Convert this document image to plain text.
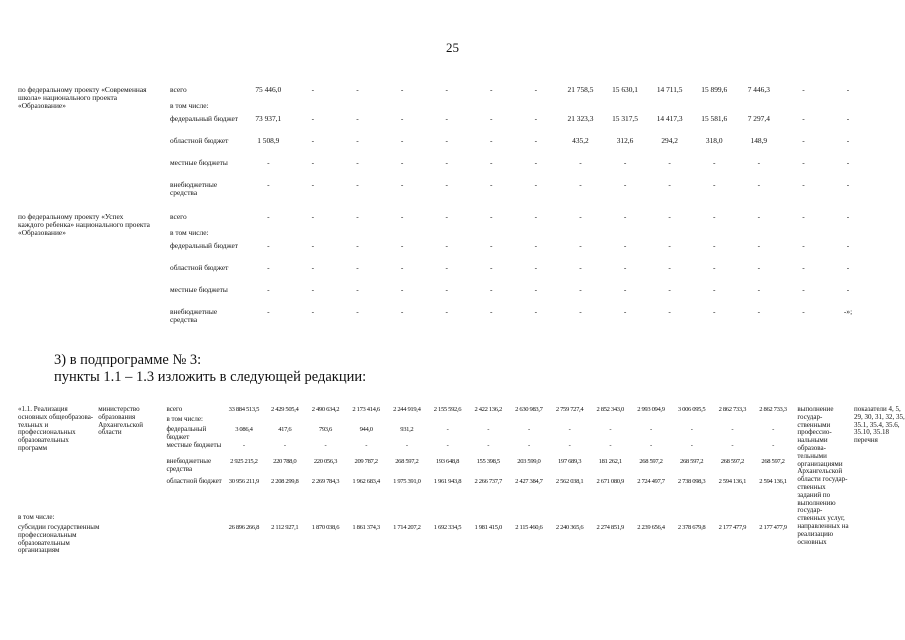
25
по федеральному проекту «Современная школа» национального проекта «Образование»	всего	75 446,0	-	-	-	-	-	-	21 758,5	15 630,1	14 711,5	15 899,6	7 446,3	-	-
	в том числе:														
	федеральный бюджет	73 937,1	-	-	-	-	-	-	21 323,3	15 317,5	14 417,3	15 581,6	7 297,4	-	-
	областной бюджет	1 508,9	-	-	-	-	-	-	435,2	312,6	294,2	318,0	148,9	-	-
	местные бюджеты	-	-	-	-	-	-	-	-	-	-	-	-	-	-
	внебюджетные средства	-	-	-	-	-	-	-	-	-	-	-	-	-	-

по федеральному проекту «Успех каждого ребенка» национального проекта «Образование»	всего	-	-	-	-	-	-	-	-	-	-	-	-	-	-
	в том числе:														
	федеральный бюджет	-	-	-	-	-	-	-	-	-	-	-	-	-	-
	областной бюджет	-	-	-	-	-	-	-	-	-	-	-	-	-	-
	местные бюджеты	-	-	-	-	-	-	-	-	-	-	-	-	-	-
	внебюджетные средства	-	-	-	-	-	-	-	-	-	-	-	-	-	-»;
3) в подпрограмме № 3:
пункты 1.1 – 1.3 изложить в следующей редакции:
«1.1. Реализация основных общеобразова-тельных и профессиональных образовательных программ	министерство образования Архангельской области	всего	33 884 513,5	2 429 505,4	2 490 634,2	2 173 414,6	2 244 919,4	2 155 592,6	2 422 136,2	2 630 983,7	2 759 727,4	2 852 343,0	2 993 094,9	3 006 095,5	2 862 733,3	2 862 733,3	выполнение государ-ственными профессио-нальными образова-тельными организациями Архангельской области государ-ственных заданий по выполнению государ-ственных услуг, направленных на реализацию основных	показатели 4, 5, 29, 30, 31, 32, 35, 35.1, 35.4, 35.6, 35.10, 35.18 перечня
		в том числе:																
		федеральный бюджет	3 086,4	417,6	793,6	944,0	931,2	-	-	-	-	-	-	-	-	-		
		местные бюджеты	-	-	-	-	-	-	-	-	-	-	-	-	-	-		
		внебюджетные средства	2 925 215,2	220 788,0	220 056,3	209 787,2	268 597,2	193 648,8	155 398,5	203 599,0	197 689,3	181 262,1	268 597,2	268 597,2	268 597,2	268 597,2		
		областной бюджет	30 956 211,9	2 208 299,8	2 269 784,3	1 962 683,4	1 975 391,0	1 961 943,8	2 266 737,7	2 427 384,7	2 562 038,1	2 671 080,9	2 724 497,7	2 738 098,3	2 594 136,1	2 594 136,1		
в том числе:																		
субсидии государственным профессиональным образовательным организациям			26 896 266,8	2 112 927,1	1 870 038,6	1 861 374,3	1 714 207,2	1 692 334,5	1 981 415,0	2 115 460,6	2 240 365,6	2 274 851,9	2 239 656,4	2 378 679,8	2 177 477,9	2 177 477,9		
